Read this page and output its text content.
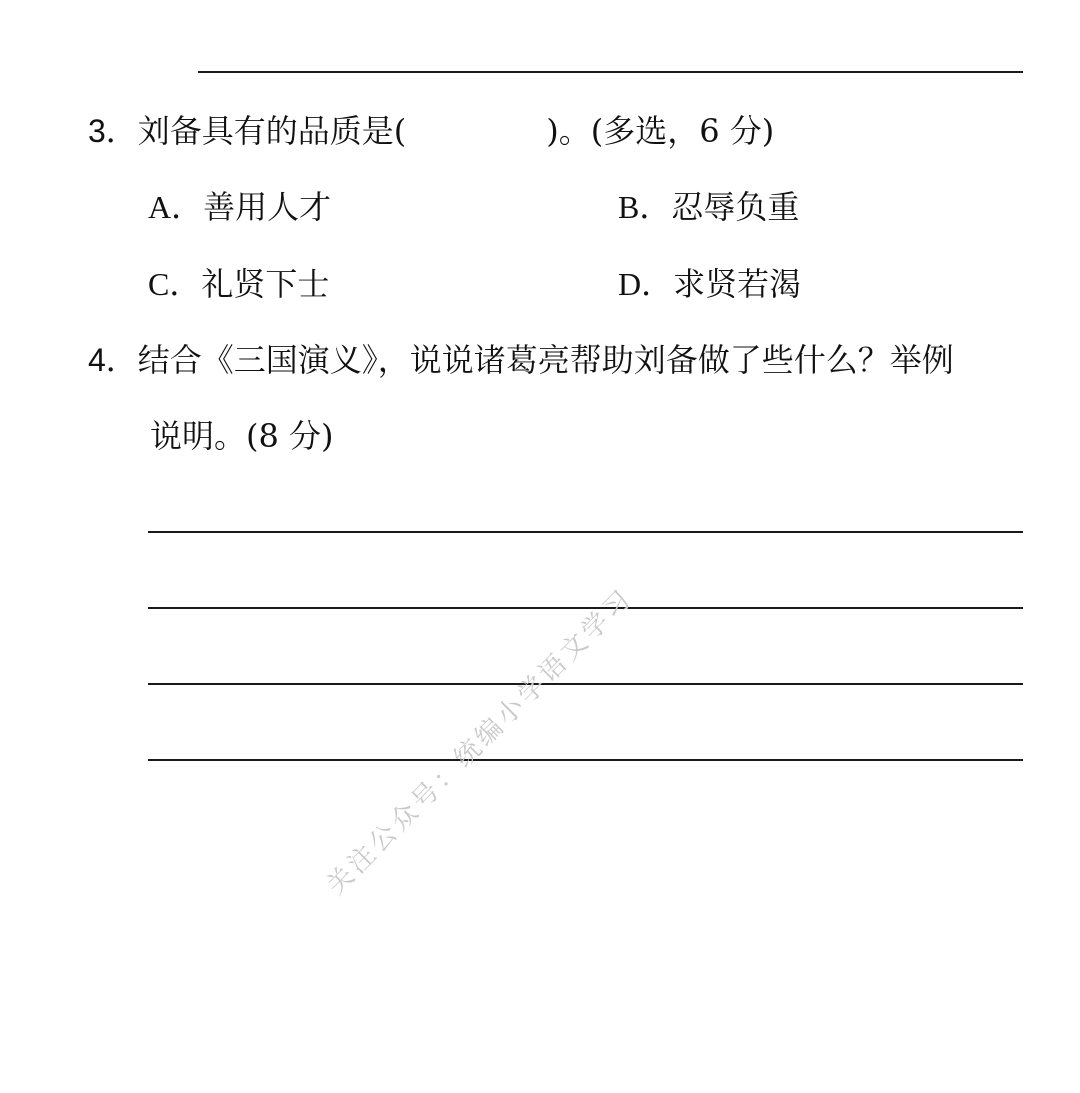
3．刘备具有的品质是(	)。(多选，6 分)
A．善用人才	B．忍辱负重
C．礼贤下士	D．求贤若渴
4．结合《三国演义》，说说诸葛亮帮助刘备做了些什么？举例
说明。(8 分)
关注公众号：统编小学语文学习
